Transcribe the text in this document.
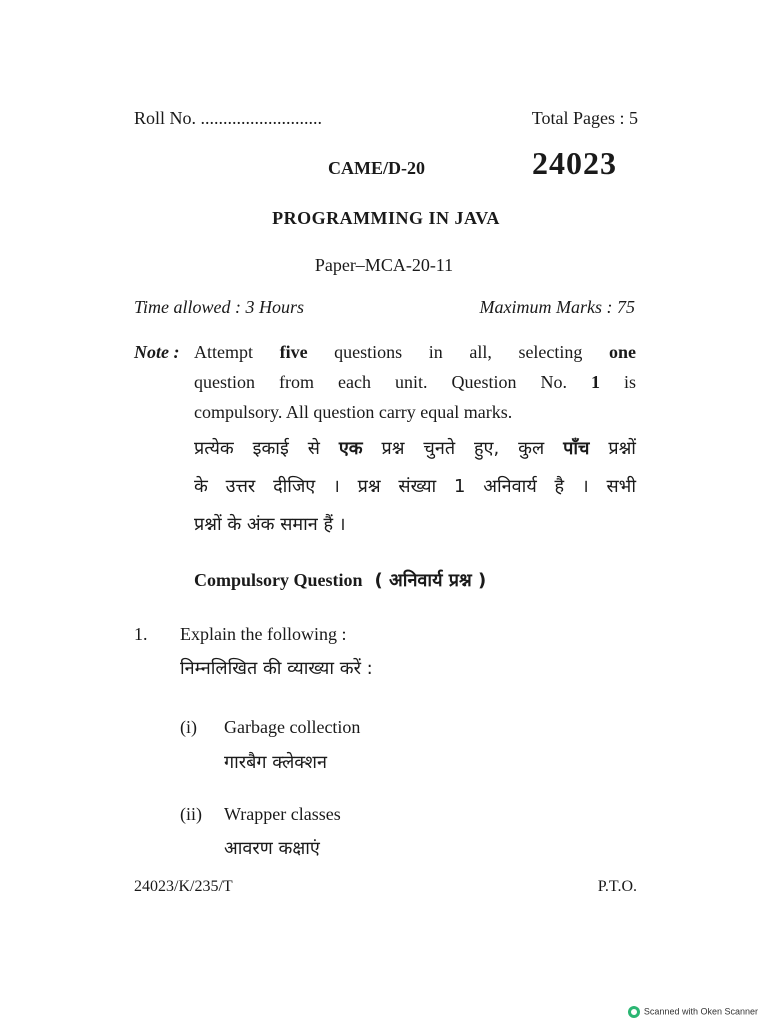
Roll No. ...........................	Total Pages : 5
CAME/D-20	24023
PROGRAMMING IN JAVA
Paper–MCA-20-11
Time allowed : 3 Hours	Maximum Marks : 75
Note : Attempt five questions in all, selecting one
question from each unit. Question No. 1 is
compulsory. All question carry equal marks.
प्रत्येक इकाई से एक प्रश्न चुनते हुए, कुल पाँच प्रश्नों
के उत्तर दीजिए । प्रश्न संख्या 1 अनिवार्य है । सभी
प्रश्नों के अंक समान हैं ।
Compulsory Question ( अनिवार्य प्रश्न )
1. Explain the following :
निम्नलिखित की व्याख्या करें :
(i) Garbage collection
गारबैग क्लेक्शन
(ii) Wrapper classes
आवरण कक्षाएं
24023/K/235/T	P.T.O.
Scanned with Oken Scanner
